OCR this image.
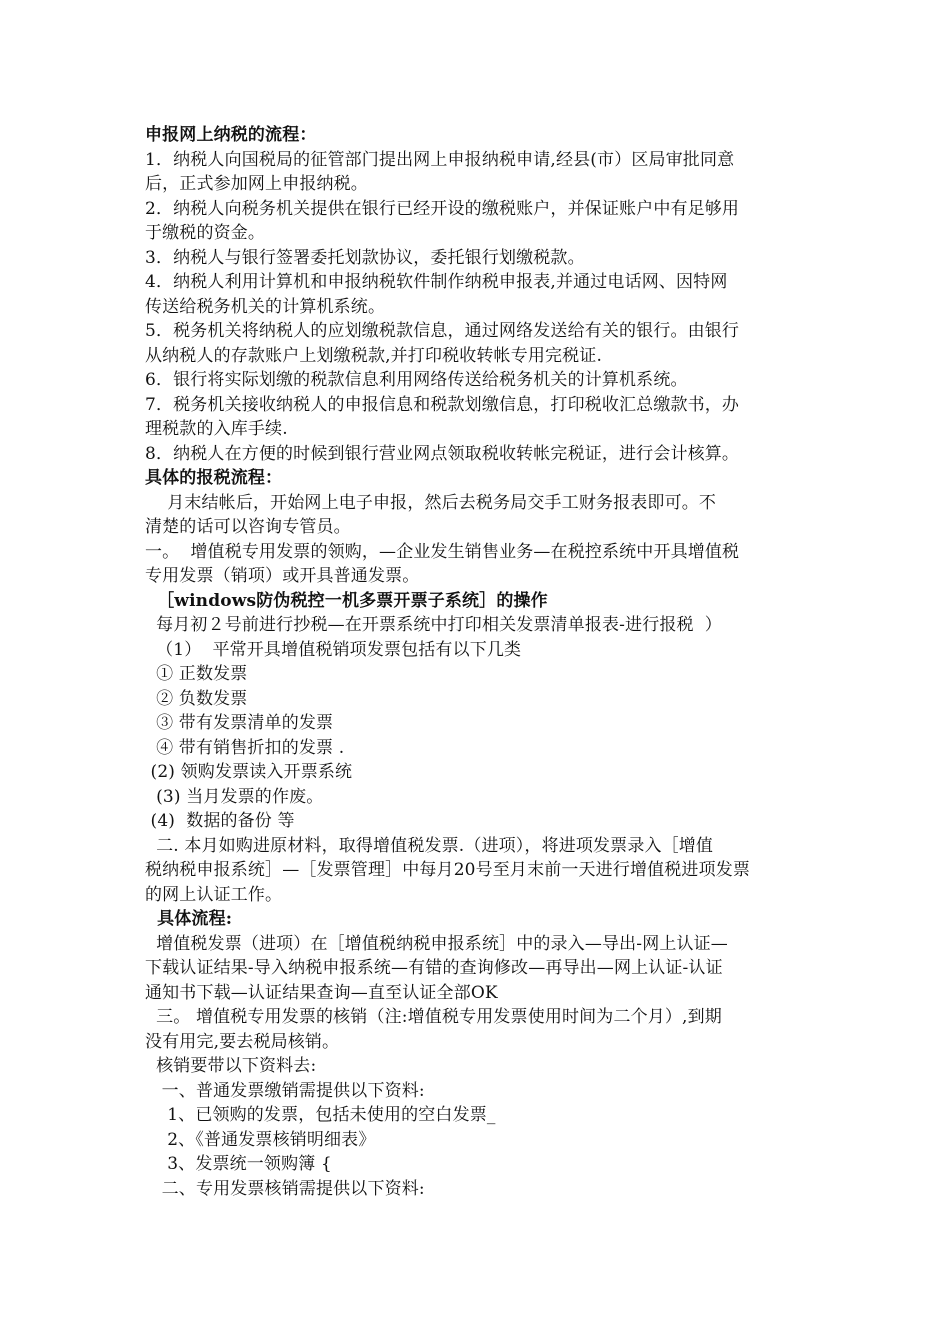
申报网上纳税的流程：
1．纳税人向国税局的征管部门提出网上申报纳税申请,经县(市）区局审批同意
后，正式参加网上申报纳税。
2．纳税人向税务机关提供在银行已经开设的缴税账户，并保证账户中有足够用
于缴税的资金。
3．纳税人与银行签署委托划款协议，委托银行划缴税款。
4．纳税人利用计算机和申报纳税软件制作纳税申报表,并通过电话网、因特网
传送给税务机关的计算机系统。
5．税务机关将纳税人的应划缴税款信息，通过网络发送给有关的银行。由银行
从纳税人的存款账户上划缴税款,并打印税收转帐专用完税证.
6．银行将实际划缴的税款信息利用网络传送给税务机关的计算机系统。
7．税务机关接收纳税人的申报信息和税款划缴信息，打印税收汇总缴款书，办
理税款的入库手续.
8．纳税人在方便的时候到银行营业网点领取税收转帐完税证，进行会计核算。
具体的报税流程：
月末结帐后，开始网上电子申报，然后去税务局交手工财务报表即可。不
清楚的话可以咨询专管员。
一。  增值税专用发票的领购，—企业发生销售业务—在税控系统中开具增值税
专用发票（销项）或开具普通发票。
［windows防伪税控一机多票开票子系统］的操作
每月初２号前进行抄税—在开票系统中打印相关发票清单报表-进行报税  ）
（1）  平常开具增值税销项发票包括有以下几类
① 正数发票
② 负数发票
③ 带有发票清单的发票
④ 带有销售折扣的发票 .
(2) 领购发票读入开票系统
(3) 当月发票的作废。
(4)  数据的备份 等
二. 本月如购进原材料，取得增值税发票.（进项），将进项发票录入［增值
税纳税申报系统］—［发票管理］中每月20号至月末前一天进行增值税进项发票
的网上认证工作。
具体流程:
增值税发票（进项）在［增值税纳税申报系统］中的录入—导出-网上认证—
下载认证结果-导入纳税申报系统—有错的查询修改—再导出—网上认证-认证
通知书下载—认证结果查询—直至认证全部OK
三。 增值税专用发票的核销（注:增值税专用发票使用时间为二个月）,到期
没有用完,要去税局核销。
核销要带以下资料去:
一、普通发票缴销需提供以下资料:
1、已领购的发票，包括未使用的空白发票_
2、《普通发票核销明细表》
3、发票统一领购簿 {
二、专用发票核销需提供以下资料:
